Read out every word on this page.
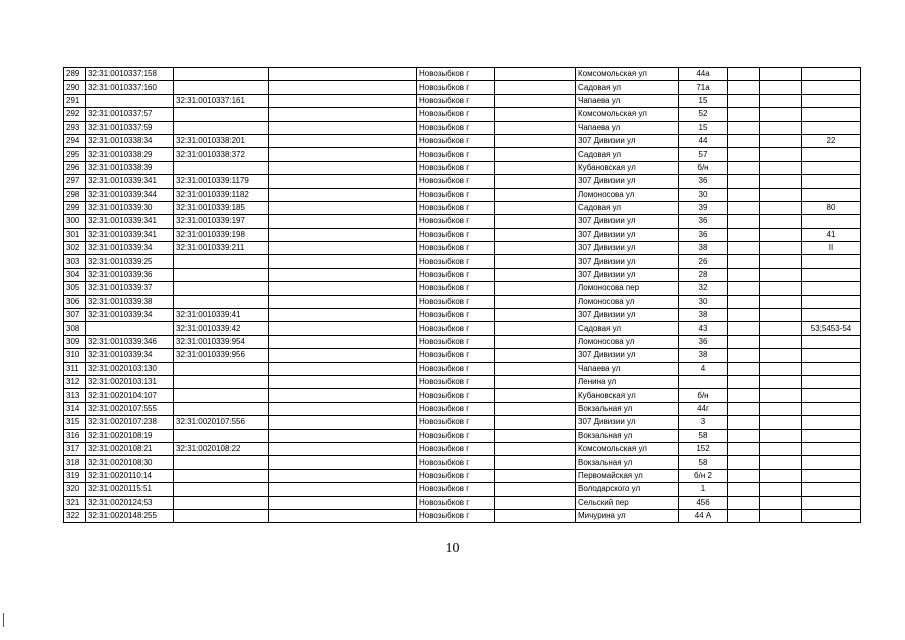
289	32:31:0010337:158			Новозыбков г		Комсомольская ул	44а			
290	32:31:0010337:160			Новозыбков г		Садовая ул	71а			
291		32:31:0010337:161		Новозыбков г		Чапаева ул	15			
292	32:31:0010337:57			Новозыбков г		Комсомольская ул	52			
293	32:31:0010337:59			Новозыбков г		Чапаева ул	15			
294	32:31:0010338:34	32:31:0010338:201		Новозыбков г		307 Дивизии ул	44			22
295	32:31:0010338:29	32:31:0010338:372		Новозыбков г		Садовая ул	57			
296	32:31:0010338:39			Новозыбков г		Кубановская ул	б/н			
297	32:31:0010339:341	32:31:0010339:1179		Новозыбков г		307 Дивизии ул	36			
298	32:31:0010339:344	32:31:0010339:1182		Новозыбков г		Ломоносова ул	30			
299	32:31:0010339:30	32:31:0010339:185		Новозыбков г		Садовая ул	39			80
300	32:31:0010339:341	32:31:0010339:197		Новозыбков г		307 Дивизии ул	36			
301	32:31:0010339:341	32:31:0010339:198		Новозыбков г		307 Дивизии ул	36			41
302	32:31:0010339:34	32:31:0010339:211		Новозыбков г		307 Дивизии ул	38			II
303	32:31:0010339:25			Новозыбков г		307 Дивизии ул	26			
304	32:31:0010339:36			Новозыбков г		307 Дивизии ул	28			
305	32:31:0010339:37			Новозыбков г		Ломоносова пер	32			
306	32:31:0010339:38			Новозыбков г		Ломоносова ул	30			
307	32:31:0010339:34	32:31:0010339:41		Новозыбков г		307 Дивизии ул	38			
308		32:31:0010339:42		Новозыбков г		Садовая ул	43			53;5453-54
309	32:31:0010339:346	32:31:0010339:954		Новозыбков г		Ломоносова ул	36			
310	32:31:0010339:34	32:31:0010339:956		Новозыбков г		307 Дивизии ул	38			
311	32:31:0020103:130			Новозыбков г		Чапаева ул	4			
312	32:31:0020103:131			Новозыбков г		Ленина ул				
313	32:31:0020104:107			Новозыбков г		Кубановская ул	б/н			
314	32:31:0020107:555			Новозыбков г		Вокзальная ул	44г			
315	32:31:0020107:238	32:31:0020107:556		Новозыбков г		307 Дивизии ул	3			
316	32:31:0020108:19			Новозыбков г		Вокзальная ул	58			
317	32:31:0020108:21	32:31:0020108:22		Новозыбков г		Комсомольская ул	152			
318	32:31:0020108:30			Новозыбков г		Вокзальная ул	58			
319	32:31:0020110:14			Новозыбков г		Первомайская ул	б/н 2			
320	32:31:0020115:51			Новозыбков г		Володарского ул	1			
321	32:31:0020124:53			Новозыбков г		Сельский пер	456			
322	32:31:0020148:255			Новозыбков г		Мичурина ул	44 А			
10
